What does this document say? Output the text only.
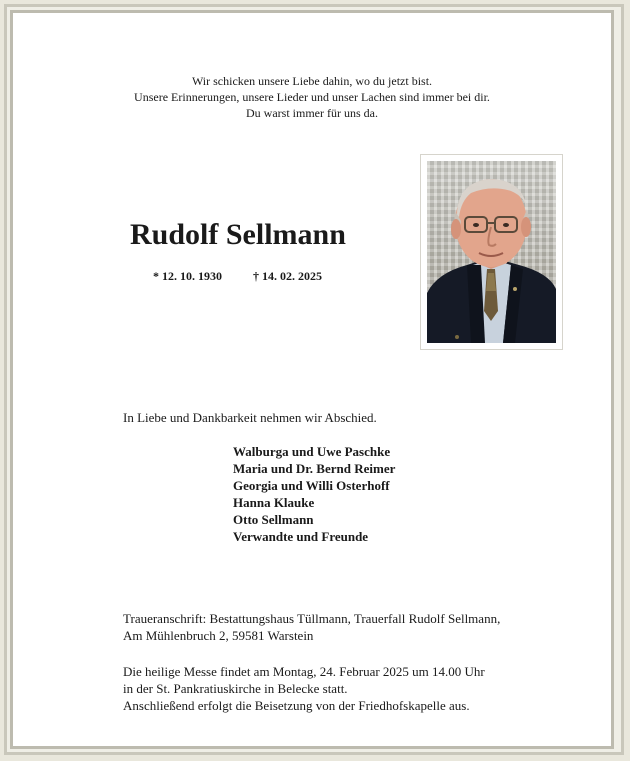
Wir schicken unsere Liebe dahin, wo du jetzt bist.
Unsere Erinnerungen, unsere Lieder und unser Lachen sind immer bei dir.
Du warst immer für uns da.
Rudolf Sellmann
* 12. 10. 1930	† 14. 02. 2025
In Liebe und Dankbarkeit nehmen wir Abschied.
Walburga und Uwe Paschke
Maria und Dr. Bernd Reimer
Georgia und Willi Osterhoff
Hanna Klauke
Otto Sellmann
Verwandte und Freunde
Traueranschrift: Bestattungshaus Tüllmann, Trauerfall Rudolf Sellmann,
Am Mühlenbruch 2, 59581 Warstein
Die heilige Messe findet am Montag, 24. Februar 2025 um 14.00 Uhr
in der St. Pankratiuskirche in Belecke statt.
Anschließend erfolgt die Beisetzung von der Friedhofskapelle aus.
